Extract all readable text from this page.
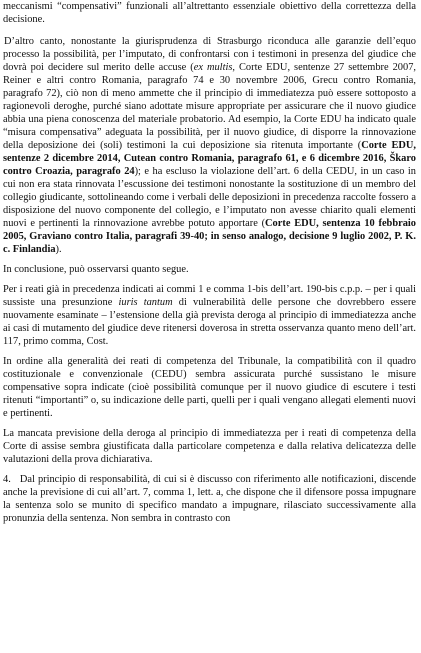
meccanismi “compensativi” funzionali all’altrettanto essenziale obiettivo della correttezza della decisione.

D’altro canto, nonostante la giurisprudenza di Strasburgo riconduca alle garanzie dell’equo processo la possibilità, per l’imputato, di confrontarsi con i testimoni in presenza del giudice che dovrà poi decidere sul merito delle accuse (ex multis, Corte EDU, sentenze 27 settembre 2007, Reiner e altri contro Romania, paragrafo 74 e 30 novembre 2006, Grecu contro Romania, paragrafo 72), ciò non di meno ammette che il principio di immediatezza può essere sottoposto a ragionevoli deroghe, purché siano adottate misure appropriate per assicurare che il nuovo giudice abbia una piena conoscenza del materiale probatorio. Ad esempio, la Corte EDU ha indicato quale “misura compensativa” adeguata la possibilità, per il nuovo giudice, di disporre la rinnovazione della deposizione dei (soli) testimoni la cui deposizione sia ritenuta importante (Corte EDU, sentenze 2 dicembre 2014, Cutean contro Romania, paragrafo 61, e 6 dicembre 2016, Škaro contro Croazia, paragrafo 24); e ha escluso la violazione dell’art. 6 della CEDU, in un caso in cui non era stata rinnovata l’escussione dei testimoni nonostante la sostituzione di un membro del collegio giudicante, sottolineando come i verbali delle deposizioni in precedenza raccolte fossero a disposizione del nuovo componente del collegio, e l’imputato non avesse chiarito quali elementi nuovi e pertinenti la rinnovazione avrebbe potuto apportare (Corte EDU, sentenza 10 febbraio 2005, Graviano contro Italia, paragrafi 39-40; in senso analogo, decisione 9 luglio 2002, P. K. c. Finlandia).

In conclusione, può osservarsi quanto segue.

Per i reati già in precedenza indicati ai commi 1 e comma 1-bis dell’art. 190-bis c.p.p. – per i quali sussiste una presunzione iuris tantum di vulnerabilità delle persone che dovrebbero essere nuovamente esaminate – l’estensione della già prevista deroga al principio di immediatezza anche ai casi di mutamento del giudice deve ritenersi doverosa in stretta osservanza quanto meno dell’art. 117, primo comma, Cost.

In ordine alla generalità dei reati di competenza del Tribunale, la compatibilità con il quadro costituzionale e convenzionale (CEDU) sembra assicurata purché sussistano le misure compensative sopra indicate (cioè possibilità comunque per il nuovo giudice di escutere i testi ritenuti “importanti” o, su indicazione delle parti, quelli per i quali vengano allegati elementi nuovi e pertinenti.

La mancata previsione della deroga al principio di immediatezza per i reati di competenza della Corte di assise sembra giustificata dalla particolare competenza e dalla relativa delicatezza delle valutazioni della prova dichiarativa.

4. Dal principio di responsabilità, di cui si è discusso con riferimento alle notificazioni, discende anche la previsione di cui all’art. 7, comma 1, lett. a, che dispone che il difensore possa impugnare la sentenza solo se munito di specifico mandato a impugnare, rilasciato successivamente alla pronunzia della sentenza. Non sembra in contrasto con
